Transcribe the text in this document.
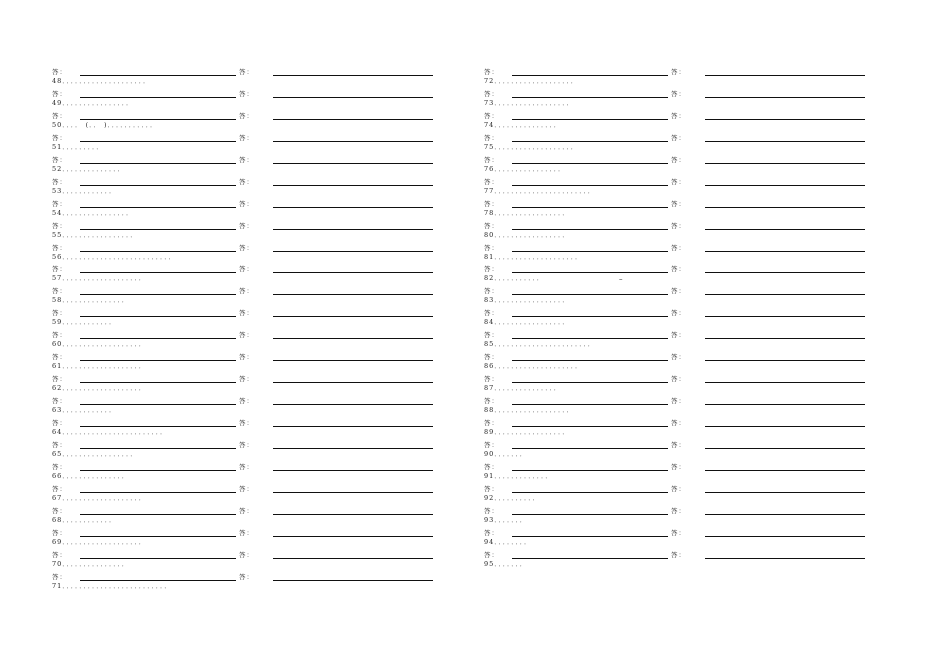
答：	答：
48．．．．．．．．．．．．．．．．．．．．
答：	答：
49．．．．．．．．．．．．．．．．
答：	答：
50．．．． (．． )．．．．．．．．．．．
答：	答：
51．．．．．．．．．
答：	答：
52．．．．．．．．．．．．．．
答：	答：
53．．．．．．．．．．．．
答：	答：
54．．．．．．．．．．．．．．．．
答：	答：
55．．．．．．．．．．．．．．．．．
答：	答：
56．．．．．．．．．．．．．．．．．．．．．．．．．．
答：	答：
57．．．．．．．．．．．．．．．．．．．
答：	答：
58．．．．．．．．．．．．．．．
答：	答：
59．．．．．．．．．．．．
答：	答：
60．．．．．．．．．．．．．．．．．．．
答：	答：
61．．．．．．．．．．．．．．．．．．．
答：	答：
62．．．．．．．．．．．．．．．．．．．
答：	答：
63．．．．．．．．．．．．
答：	答：
64．．．．．．．．．．．．．．．．．．．．．．．．
答：	答：
65．．．．．．．．．．．．．．．．．
答：	答：
66．．．．．．．．．．．．．．．
答：	答：
67．．．．．．．．．．．．．．．．．．．
答：	答：
68．．．．．．．．．．．．
答：	答：
69．．．．．．．．．．．．．．．．．．．
答：	答：
70．．．．．．．．．．．．．．．
答：	答：
71．．．．．．．．．．．．．．．．．．．．．．．．．
答：	答：
72．．．．．．．．．．．．．．．．．．．
答：	答：
73．．．．．．．．．．．．．．．．．．
答：	答：
74．．．．．．．．．．．．．．．
答：	答：
75．．．．．．．．．．．．．．．．．．．
答：	答：
76．．．．．．．．．．．．．．．．
答：	答：
77．．．．．．．．．．．．．．．．．．．．．．．
答：	答：
78．．．．．．．．．．．．．．．．．
答：	答：
80．．．．．．．．．．．．．．．．．
答：	答：
81．．．．．．．．．．．．．．．．．．．．
答：	答：
82．．．．．．．．．．．
答：	答：
83．．．．．．．．．．．．．．．．．
答：	答：
84．．．．．．．．．．．．．．．．．
答：	答：
85．．．．．．．．．．．．．．．．．．．．．．．
答：	答：
86．．．．．．．．．．．．．．．．．．．．
答：	答：
87．．．．．．．．．．．．．．．
答：	答：
88．．．．．．．．．．．．．．．．．．
答：	答：
89．．．．．．．．．．．．．．．．．
答：	答：
90．．．．．．．
答：	答：
91．．．．．．．．．．．．．
答：	答：
92．．．．．．．．．．
答：	答：
93．．．．．．．
答：	答：
94．．．．．．．．
答：	答：
95．．．．．．．
–
